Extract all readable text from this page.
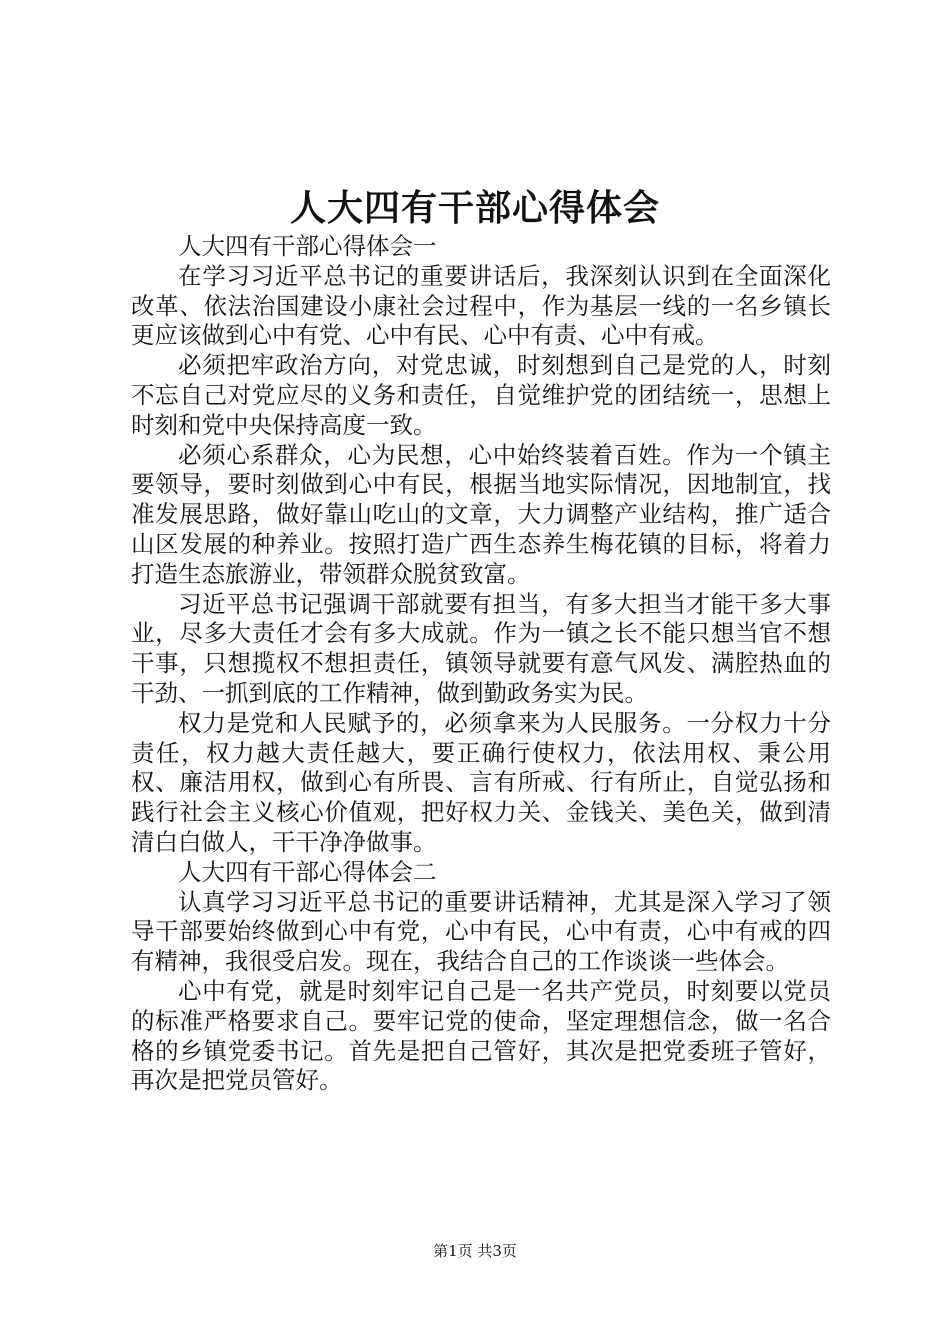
人大四有干部心得体会

人大四有干部心得体会一

在学习习近平总书记的重要讲话后，我深刻认识到在全面深化改革、依法治国建设小康社会过程中，作为基层一线的一名乡镇长更应该做到心中有党、心中有民、心中有责、心中有戒。

必须把牢政治方向，对党忠诚，时刻想到自己是党的人，时刻不忘自己对党应尽的义务和责任，自觉维护党的团结统一，思想上时刻和党中央保持高度一致。

必须心系群众，心为民想，心中始终装着百姓。作为一个镇主要领导，要时刻做到心中有民，根据当地实际情况，因地制宜，找准发展思路，做好靠山吃山的文章，大力调整产业结构，推广适合山区发展的种养业。按照打造广西生态养生梅花镇的目标，将着力打造生态旅游业，带领群众脱贫致富。

习近平总书记强调干部就要有担当，有多大担当才能干多大事业，尽多大责任才会有多大成就。作为一镇之长不能只想当官不想干事，只想揽权不想担责任，镇领导就要有意气风发、满腔热血的干劲、一抓到底的工作精神，做到勤政务实为民。

权力是党和人民赋予的，必须拿来为人民服务。一分权力十分责任，权力越大责任越大，要正确行使权力，依法用权、秉公用权、廉洁用权，做到心有所畏、言有所戒、行有所止，自觉弘扬和践行社会主义核心价值观，把好权力关、金钱关、美色关，做到清清白白做人，干干净净做事。

人大四有干部心得体会二

认真学习习近平总书记的重要讲话精神，尤其是深入学习了领导干部要始终做到心中有党，心中有民，心中有责，心中有戒的四有精神，我很受启发。现在，我结合自己的工作谈谈一些体会。

心中有党，就是时刻牢记自己是一名共产党员，时刻要以党员的标准严格要求自己。要牢记党的使命，坚定理想信念，做一名合格的乡镇党委书记。首先是把自己管好，其次是把党委班子管好，再次是把党员管好。

第1页 共3页
